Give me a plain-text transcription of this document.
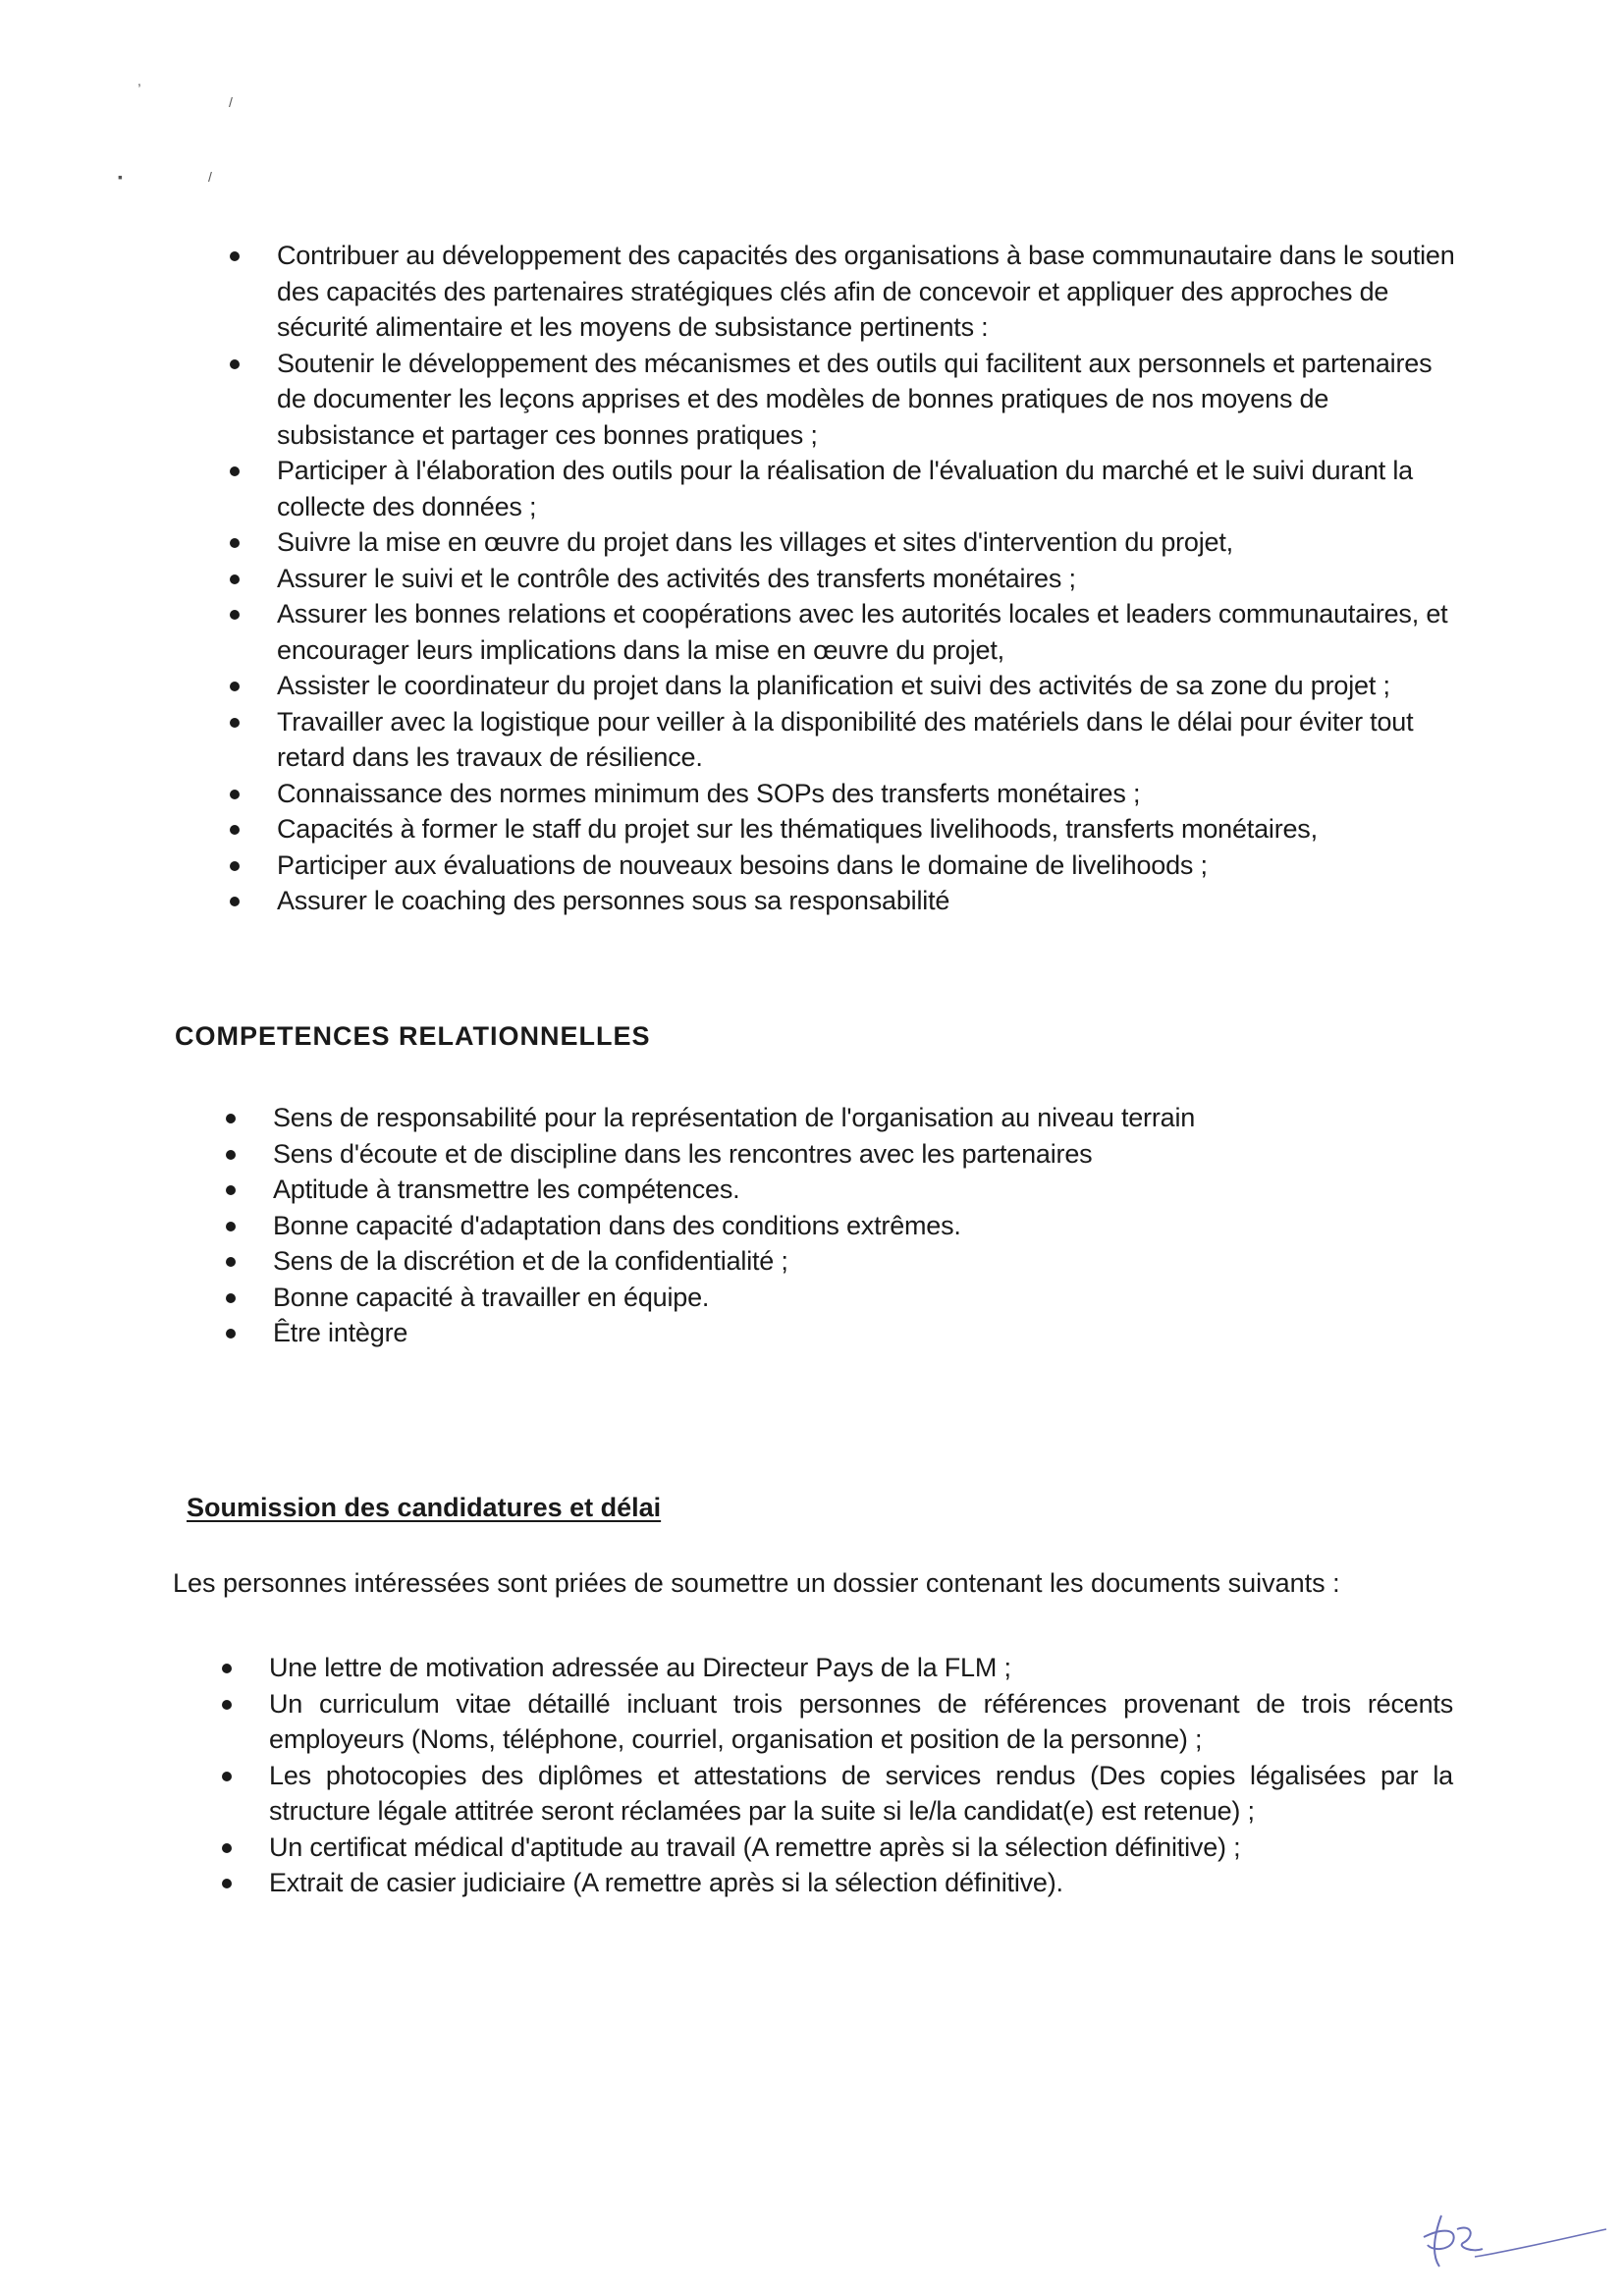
,
/
▪	/
Contribuer au développement des capacités des organisations à base communautaire dans le soutien des capacités des partenaires stratégiques clés afin de concevoir et appliquer des approches de sécurité alimentaire et les moyens de subsistance pertinents :
Soutenir le développement des mécanismes et des outils qui facilitent aux personnels et partenaires de documenter les leçons apprises et des modèles de bonnes pratiques de nos moyens de subsistance et partager ces bonnes pratiques ;
Participer à l'élaboration des outils pour la réalisation de l'évaluation du marché et le suivi durant la collecte des données ;
Suivre la mise en œuvre du projet dans les villages et sites d'intervention du projet,
Assurer le suivi et le contrôle des activités des transferts monétaires ;
Assurer les bonnes relations et coopérations avec les autorités locales et leaders communautaires, et encourager leurs implications dans la mise en œuvre du projet,
Assister le coordinateur du projet dans la planification et suivi des activités de sa zone du projet ;
Travailler avec la logistique pour veiller à la disponibilité des matériels dans le délai pour éviter tout retard dans les travaux de résilience.
Connaissance des normes minimum des SOPs des transferts monétaires ;
Capacités à former le staff du projet sur les thématiques livelihoods, transferts monétaires,
Participer aux évaluations de nouveaux besoins dans le domaine de livelihoods ;
Assurer le coaching des personnes sous sa responsabilité
COMPETENCES RELATIONNELLES
Sens de responsabilité pour la représentation de l'organisation au niveau terrain
Sens d'écoute et de discipline dans les rencontres avec les partenaires
Aptitude à transmettre les compétences.
Bonne capacité d'adaptation dans des conditions extrêmes.
Sens de la discrétion et de la confidentialité ;
Bonne capacité à travailler en équipe.
Être intègre
Soumission des candidatures et délai

Les personnes intéressées sont priées de soumettre un dossier contenant les documents suivants :

Une lettre de motivation adressée au Directeur Pays de la FLM ;
Un curriculum vitae détaillé incluant trois personnes de références provenant de trois récents employeurs (Noms, téléphone, courriel, organisation et position de la personne) ;
Les photocopies des diplômes et attestations de services rendus (Des copies légalisées par la structure légale attitrée seront réclamées par la suite si le/la candidat(e) est retenue) ;
Un certificat médical d'aptitude au travail (A remettre après si la sélection définitive) ;
Extrait de casier judiciaire (A remettre après si la sélection définitive).
